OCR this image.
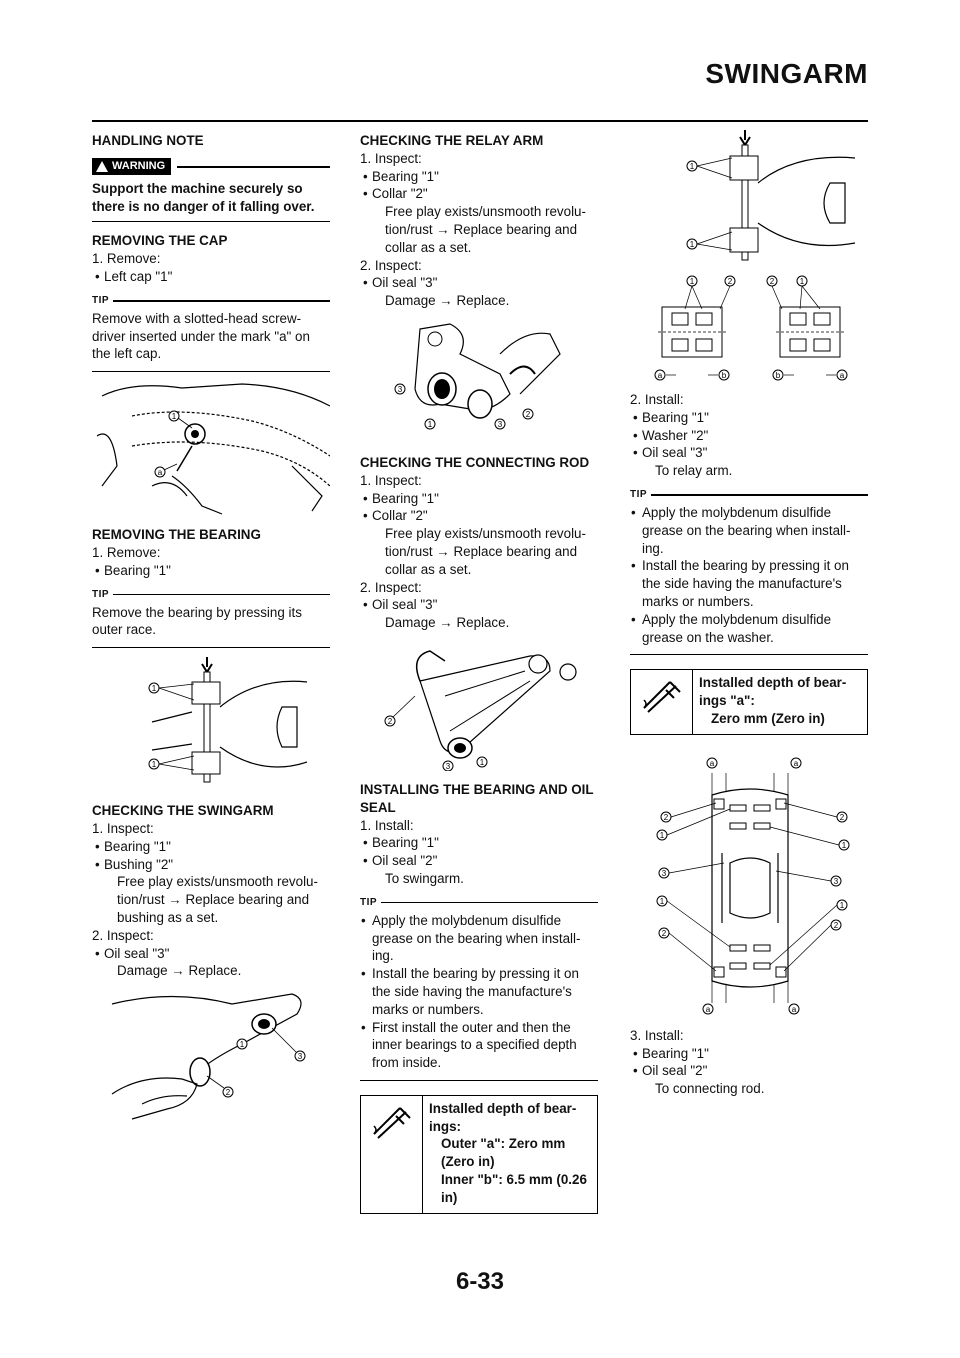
SWINGARM
HANDLING NOTE
WARNING
Support the machine securely so there is no danger of it falling over.
REMOVING THE CAP
1. Remove:
• Left cap "1"
TIP
Remove with a slotted-head screw-driver inserted under the mark "a" on the left cap.
1
a
REMOVING THE BEARING
1. Remove:
• Bearing "1"
TIP
Remove the bearing by pressing its outer race.
1
1
CHECKING THE SWINGARM
1. Inspect:
• Bearing "1"
• Bushing "2"
Free play exists/unsmooth revolu-tion/rust → Replace bearing and bushing as a set.
2. Inspect:
• Oil seal "3"
Damage → Replace.
1
3
2
CHECKING THE RELAY ARM
1. Inspect:
• Bearing "1"
• Collar "2"
Free play exists/unsmooth revolu-tion/rust → Replace bearing and collar as a set.
2. Inspect:
• Oil seal "3"
Damage → Replace.
3
1	3
2
CHECKING THE CONNECTING ROD
1. Inspect:
• Bearing "1"
• Collar "2"
Free play exists/unsmooth revolu-tion/rust → Replace bearing and collar as a set.
2. Inspect:
• Oil seal "3"
Damage → Replace.
2
3	1
INSTALLING THE BEARING AND OIL SEAL
1. Install:
• Bearing "1"
• Oil seal "2"
To swingarm.
TIP
• Apply the molybdenum disulfide grease on the bearing when install-ing.
• Install the bearing by pressing it on the side having the manufacture's marks or numbers.
• First install the outer and then the inner bearings to a specified depth from inside.
Installed depth of bear-ings:
Outer "a": Zero mm (Zero in)
Inner "b": 6.5 mm (0.26 in)
1
1
1	2	2	1
a	b	b	a
2. Install:
• Bearing "1"
• Washer "2"
• Oil seal "3"
To relay arm.
TIP
• Apply the molybdenum disulfide grease on the bearing when install-ing.
• Install the bearing by pressing it on the side having the manufacture's marks or numbers.
• Apply the molybdenum disulfide grease on the washer.
Installed depth of bear-ings "a":
Zero mm (Zero in)
a	a
2	2
1
1
3
3
1	1
2
2
a	a
3. Install:
• Bearing "1"
• Oil seal "2"
To connecting rod.
6-33
